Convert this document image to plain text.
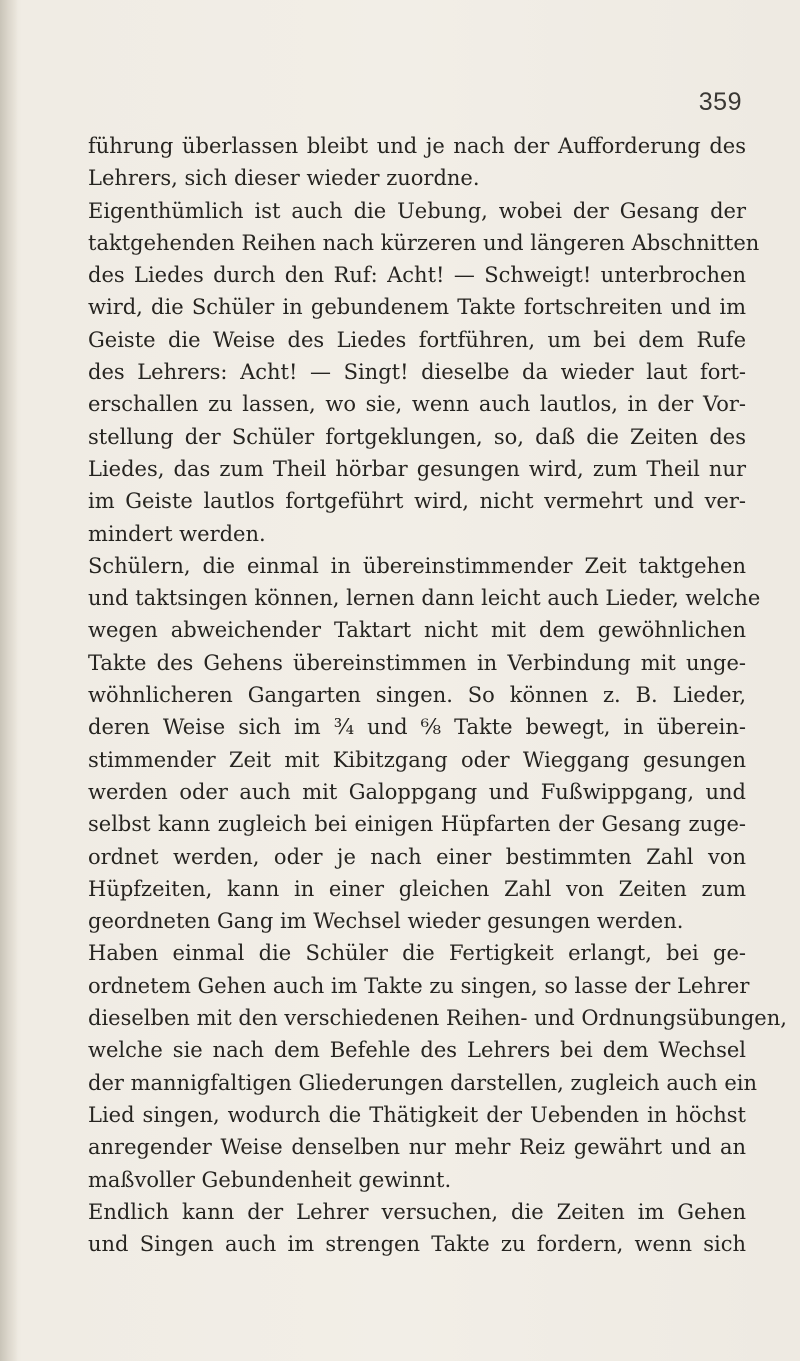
359
führung überlassen bleibt und je nach der Aufforderung des
Lehrers, sich dieser wieder zuordne.
Eigenthümlich ist auch die Uebung, wobei der Gesang der
taktgehenden Reihen nach kürzeren und längeren Abschnitten
des Liedes durch den Ruf: Acht! — Schweigt! unterbrochen
wird, die Schüler in gebundenem Takte fortschreiten und im
Geiste die Weise des Liedes fortführen, um bei dem Rufe
des Lehrers: Acht! — Singt! dieselbe da wieder laut fort-
erschallen zu lassen, wo sie, wenn auch lautlos, in der Vor-
stellung der Schüler fortgeklungen, so, daß die Zeiten des
Liedes, das zum Theil hörbar gesungen wird, zum Theil nur
im Geiste lautlos fortgeführt wird, nicht vermehrt und ver-
mindert werden.
Schülern, die einmal in übereinstimmender Zeit taktgehen
und taktsingen können, lernen dann leicht auch Lieder, welche
wegen abweichender Taktart nicht mit dem gewöhnlichen
Takte des Gehens übereinstimmen in Verbindung mit unge-
wöhnlicheren Gangarten singen. So können z. B. Lieder,
deren Weise sich im ¾ und ⁶⁄₈ Takte bewegt, in überein-
stimmender Zeit mit Kibitzgang oder Wieggang gesungen
werden oder auch mit Galoppgang und Fußwippgang, und
selbst kann zugleich bei einigen Hüpfarten der Gesang zuge-
ordnet werden, oder je nach einer bestimmten Zahl von
Hüpfzeiten, kann in einer gleichen Zahl von Zeiten zum
geordneten Gang im Wechsel wieder gesungen werden.
Haben einmal die Schüler die Fertigkeit erlangt, bei ge-
ordnetem Gehen auch im Takte zu singen, so lasse der Lehrer
dieselben mit den verschiedenen Reihen- und Ordnungsübungen,
welche sie nach dem Befehle des Lehrers bei dem Wechsel
der mannigfaltigen Gliederungen darstellen, zugleich auch ein
Lied singen, wodurch die Thätigkeit der Uebenden in höchst
anregender Weise denselben nur mehr Reiz gewährt und an
maßvoller Gebundenheit gewinnt.
Endlich kann der Lehrer versuchen, die Zeiten im Gehen
und Singen auch im strengen Takte zu fordern, wenn sich
